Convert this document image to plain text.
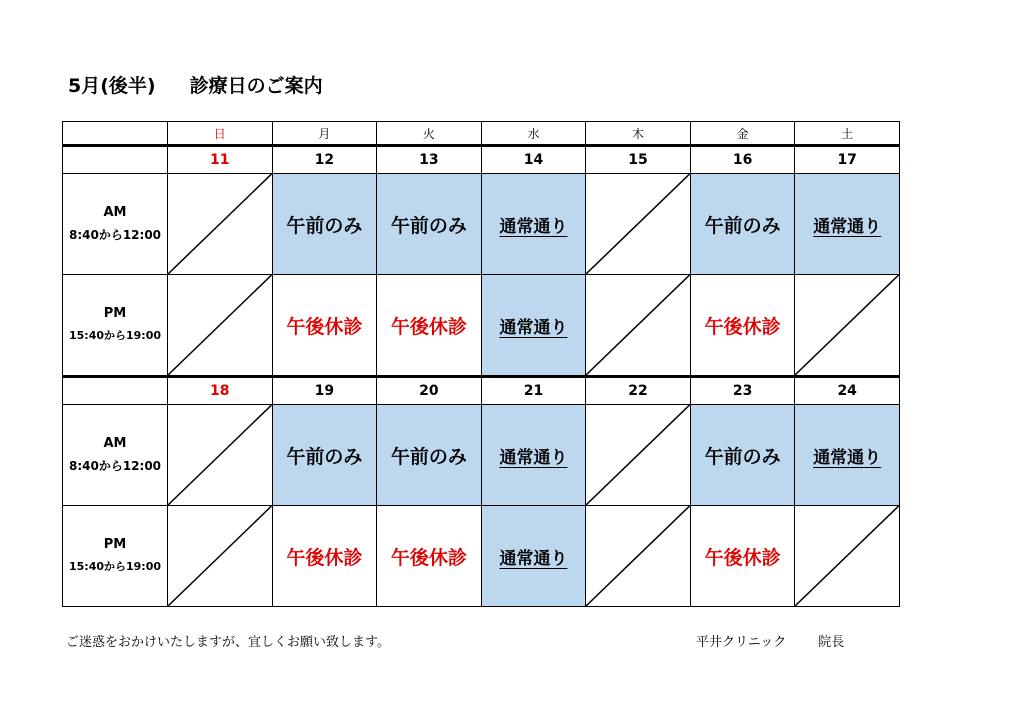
5月(後半) 診療日のご案内
	日	月	火	水	木	金	土
	11	12	13	14	15	16	17

AM
8:40から12:00		午前のみ	午前のみ	通常通り		午前のみ	通常通り

PM
15:40から19:00		午後休診	午後休診	通常通り		午後休診	

	18	19	20	21	22	23	24

AM
8:40から12:00		午前のみ	午前のみ	通常通り		午前のみ	通常通り

PM
15:40から19:00		午後休診	午後休診	通常通り		午後休診	
ご迷惑をおかけいたしますが、宜しくお願い致します。	平井クリニック 院長
